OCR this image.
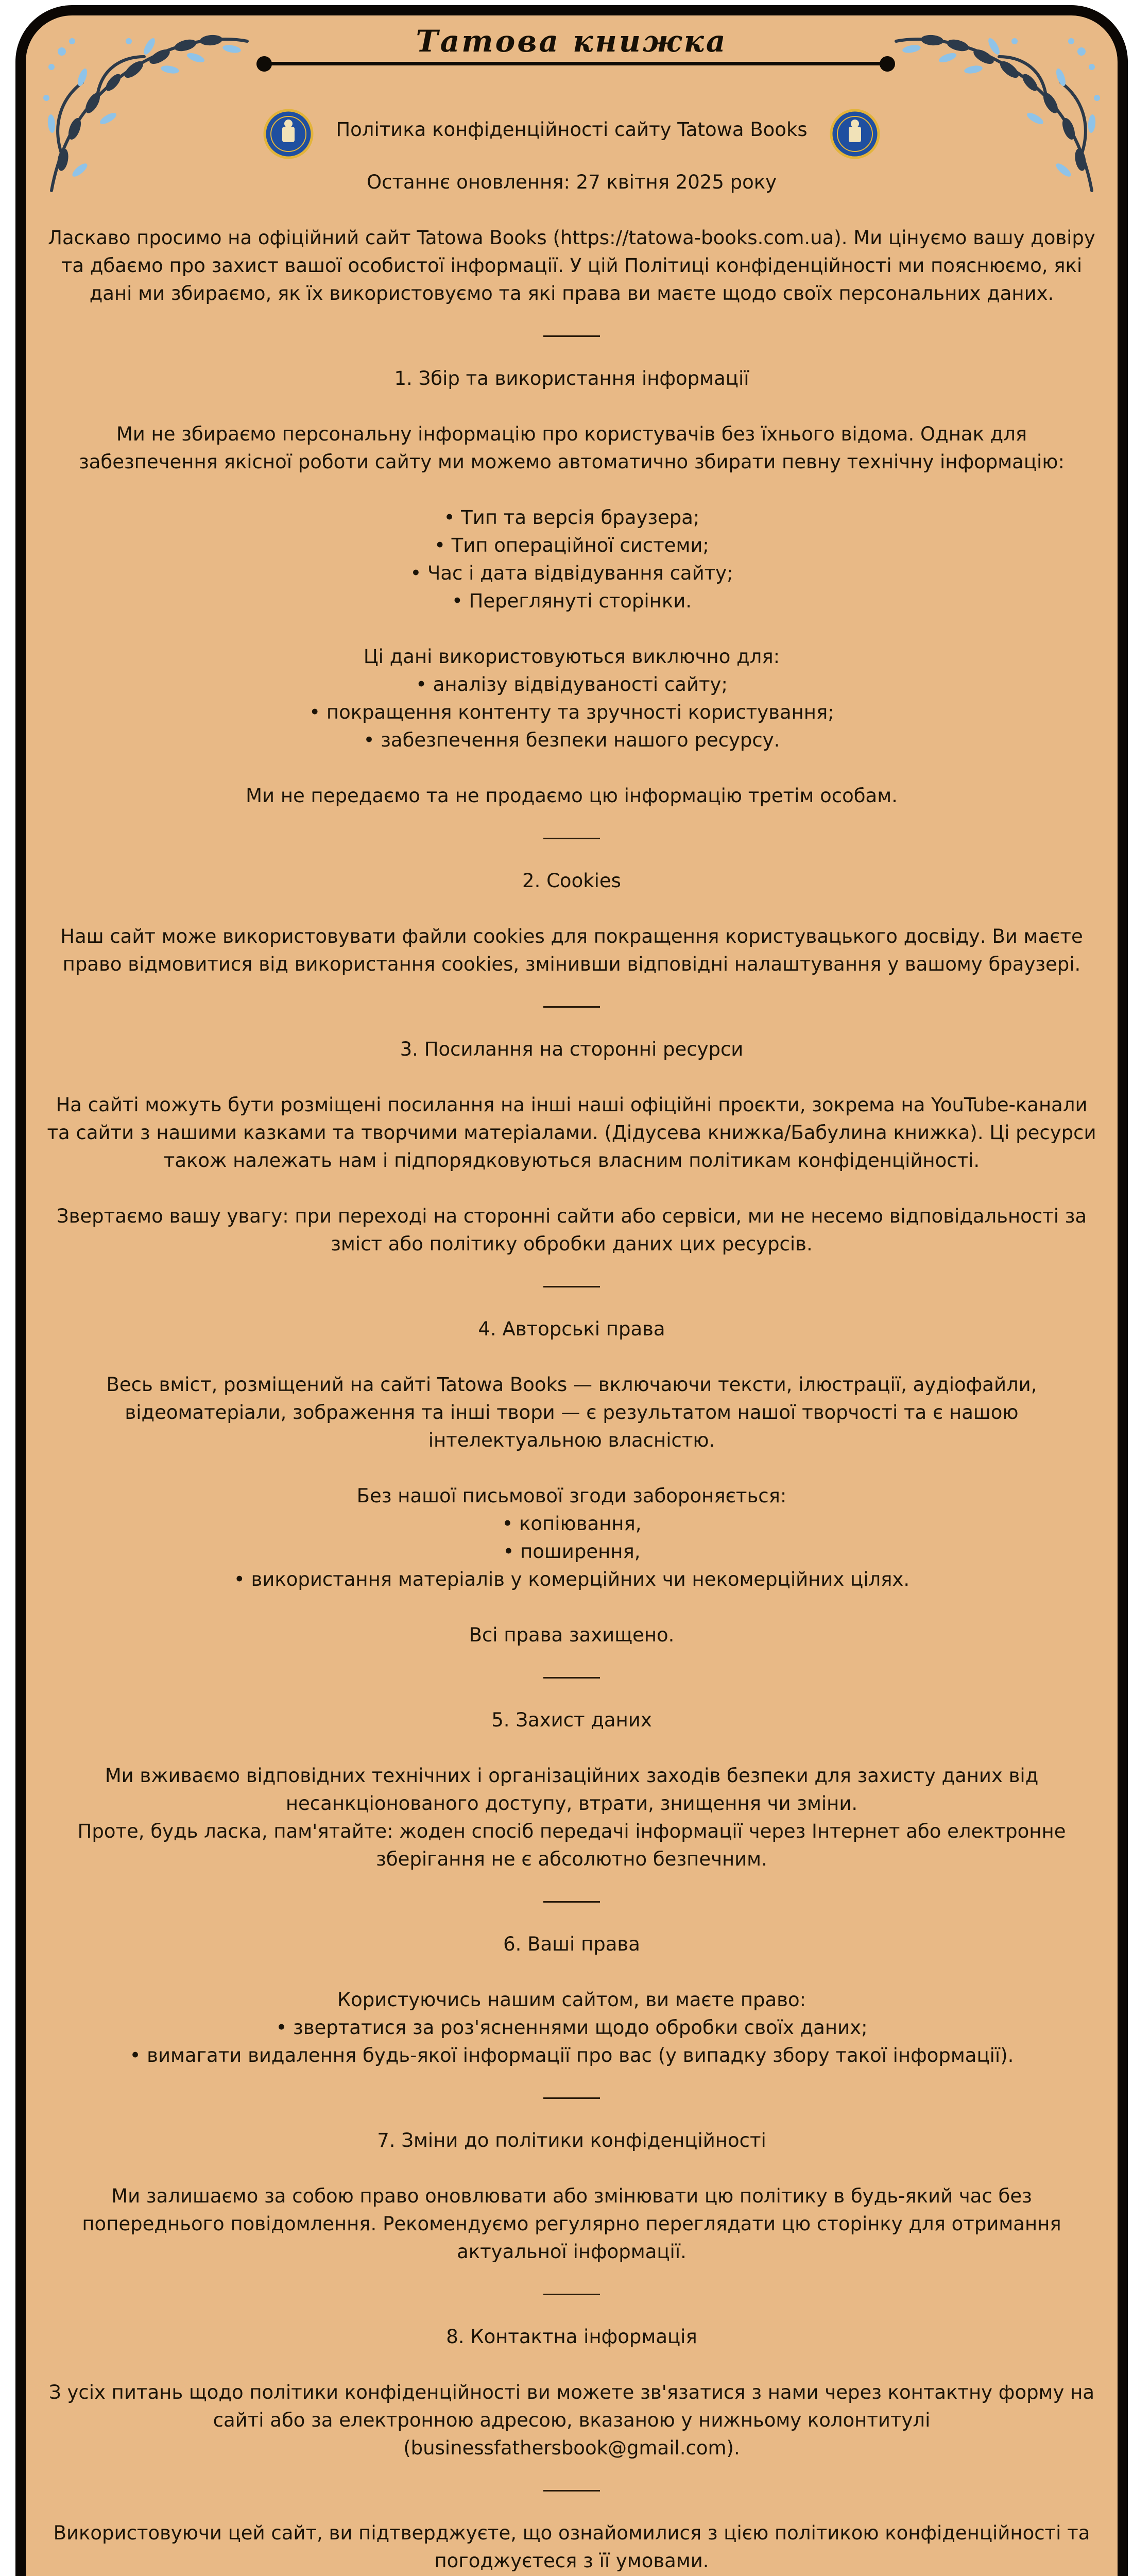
Татова книжка

Політика конфіденційності сайту Tatowa Books

Останнє оновлення: 27 квітня 2025 року

Ласкаво просимо на офіційний сайт Tatowa Books (https://tatowa-books.com.ua). Ми цінуємо вашу довіру та дбаємо про захист вашої особистої інформації. У цій Політиці конфіденційності ми пояснюємо, які дані ми збираємо, як їх використовуємо та які права ви маєте щодо своїх персональних даних.

1. Збір та використання інформації

Ми не збираємо персональну інформацію про користувачів без їхнього відома. Однак для забезпечення якісної роботи сайту ми можемо автоматично збирати певну технічну інформацію:

• Тип та версія браузера;
• Тип операційної системи;
• Час і дата відвідування сайту;
• Переглянуті сторінки.

Ці дані використовуються виключно для:

• аналізу відвідуваності сайту;
• покращення контенту та зручності користування;
• забезпечення безпеки нашого ресурсу.

Ми не передаємо та не продаємо цю інформацію третім особам.

2. Cookies

Наш сайт може використовувати файли cookies для покращення користувацького досвіду. Ви маєте право відмовитися від використання cookies, змінивши відповідні налаштування у вашому браузері.

3. Посилання на сторонні ресурси

На сайті можуть бути розміщені посилання на інші наші офіційні проєкти, зокрема на YouTube-канали та сайти з нашими казками та творчими матеріалами. (Дідусева книжка/Бабулина книжка). Ці ресурси також належать нам і підпорядковуються власним політикам конфіденційності.

Звертаємо вашу увагу: при переході на сторонні сайти або сервіси, ми не несемо відповідальності за зміст або політику обробки даних цих ресурсів.

4. Авторські права

Весь вміст, розміщений на сайті Tatowa Books — включаючи тексти, ілюстрації, аудіофайли, відеоматеріали, зображення та інші твори — є результатом нашої творчості та є нашою інтелектуальною власністю.

Без нашої письмової згоди забороняється:

• копіювання,
• поширення,
• використання матеріалів у комерційних чи некомерційних цілях.

Всі права захищено.

5. Захист даних

Ми вживаємо відповідних технічних і організаційних заходів безпеки для захисту даних від несанкціонованого доступу, втрати, знищення чи зміни.

Проте, будь ласка, пам'ятайте: жоден спосіб передачі інформації через Інтернет або електронне зберігання не є абсолютно безпечним.

6. Ваші права

Користуючись нашим сайтом, ви маєте право:

• звертатися за роз'ясненнями щодо обробки своїх даних;
• вимагати видалення будь-якої інформації про вас (у випадку збору такої інформації).
7. Зміни до політики конфіденційності

Ми залишаємо за собою право оновлювати або змінювати цю політику в будь-який час без попереднього повідомлення. Рекомендуємо регулярно переглядати цю сторінку для отримання актуальної інформації.

8. Контактна інформація

З усіх питань щодо політики конфіденційності ви можете зв'язатися з нами через контактну форму на сайті або за електронною адресою, вказаною у нижньому колонтитулі (businessfathersbook@gmail.com).

Використовуючи цей сайт, ви підтверджуєте, що ознайомилися з цією політикою конфіденційності та погоджуєтеся з її умовами.
